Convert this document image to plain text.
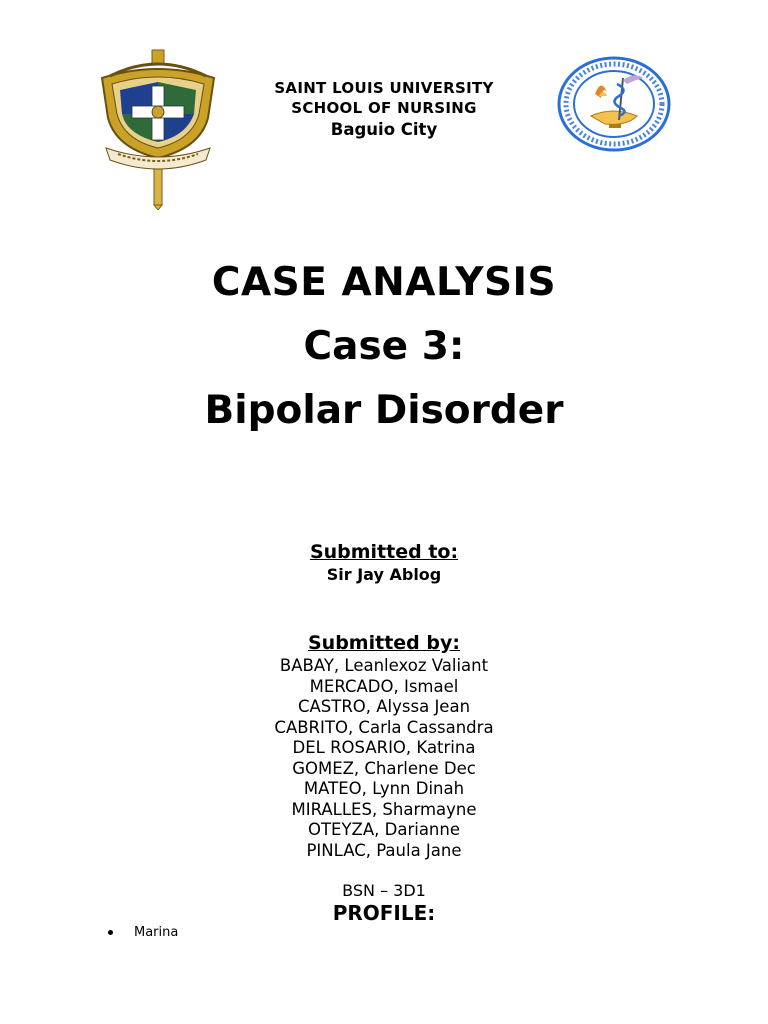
SAINT LOUIS UNIVERSITY
SCHOOL OF NURSING
Baguio City
CASE ANALYSIS
Case 3:
Bipolar Disorder
Submitted to:
Sir Jay Ablog
Submitted by:
BABAY, Leanlexoz Valiant
MERCADO, Ismael
CASTRO, Alyssa Jean
CABRITO, Carla Cassandra
DEL ROSARIO, Katrina
GOMEZ, Charlene Dec
MATEO, Lynn Dinah
MIRALLES, Sharmayne
OTEYZA, Darianne
PINLAC, Paula Jane
BSN – 3D1
PROFILE:
Marina
